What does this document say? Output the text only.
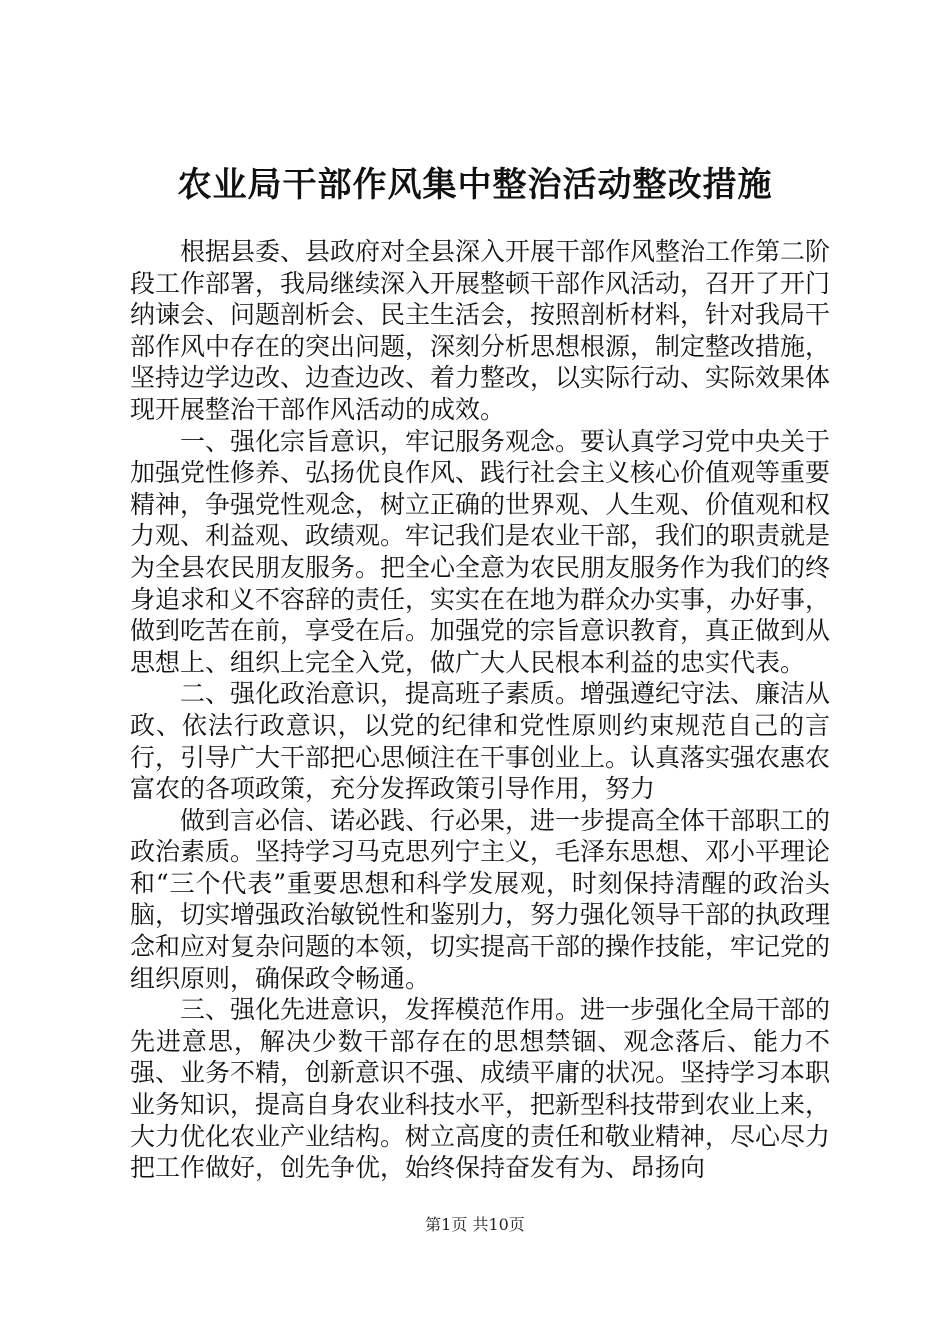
农业局干部作风集中整治活动整改措施

根据县委、县政府对全县深入开展干部作风整治工作第二阶段工作部署，我局继续深入开展整顿干部作风活动，召开了开门纳谏会、问题剖析会、民主生活会，按照剖析材料，针对我局干部作风中存在的突出问题，深刻分析思想根源，制定整改措施，坚持边学边改、边查边改、着力整改，以实际行动、实际效果体现开展整治干部作风活动的成效。

一、强化宗旨意识，牢记服务观念。要认真学习党中央关于加强党性修养、弘扬优良作风、践行社会主义核心价值观等重要精神，争强党性观念，树立正确的世界观、人生观、价值观和权力观、利益观、政绩观。牢记我们是农业干部，我们的职责就是为全县农民朋友服务。把全心全意为农民朋友服务作为我们的终身追求和义不容辞的责任，实实在在地为群众办实事，办好事，做到吃苦在前，享受在后。加强党的宗旨意识教育，真正做到从思想上、组织上完全入党，做广大人民根本利益的忠实代表。

二、强化政治意识，提高班子素质。增强遵纪守法、廉洁从政、依法行政意识，以党的纪律和党性原则约束规范自己的言行，引导广大干部把心思倾注在干事创业上。认真落实强农惠农富农的各项政策，充分发挥政策引导作用，努力

做到言必信、诺必践、行必果，进一步提高全体干部职工的政治素质。坚持学习马克思列宁主义，毛泽东思想、邓小平理论和“三个代表”重要思想和科学发展观，时刻保持清醒的政治头脑，切实增强政治敏锐性和鉴别力，努力强化领导干部的执政理念和应对复杂问题的本领，切实提高干部的操作技能，牢记党的组织原则，确保政令畅通。

三、强化先进意识，发挥模范作用。进一步强化全局干部的先进意思，解决少数干部存在的思想禁锢、观念落后、能力不强、业务不精，创新意识不强、成绩平庸的状况。坚持学习本职业务知识，提高自身农业科技水平，把新型科技带到农业上来，大力优化农业产业结构。树立高度的责任和敬业精神，尽心尽力把工作做好，创先争优，始终保持奋发有为、昂扬向

第1页 共10页
